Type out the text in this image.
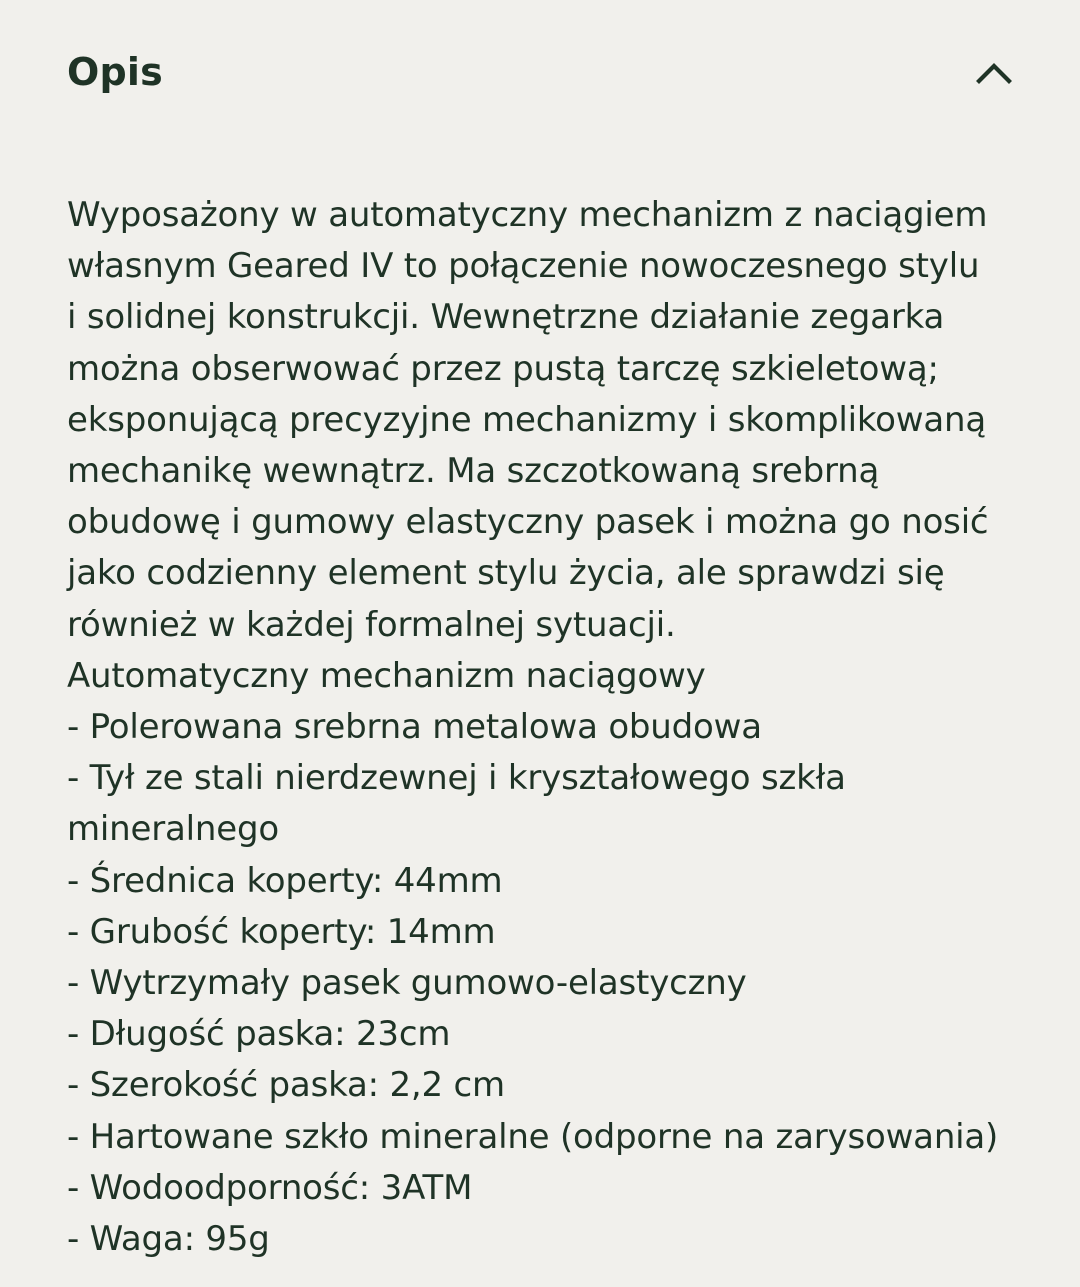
Opis
Wyposażony w automatyczny mechanizm z naciągiem
własnym Geared IV to połączenie nowoczesnego stylu
i solidnej konstrukcji. Wewnętrzne działanie zegarka
można obserwować przez pustą tarczę szkieletową;
eksponującą precyzyjne mechanizmy i skomplikowaną
mechanikę wewnątrz. Ma szczotkowaną srebrną
obudowę i gumowy elastyczny pasek i można go nosić
jako codzienny element stylu życia, ale sprawdzi się
również w każdej formalnej sytuacji.
Automatyczny mechanizm naciągowy
- Polerowana srebrna metalowa obudowa
- Tył ze stali nierdzewnej i kryształowego szkła
mineralnego
- Średnica koperty: 44mm
- Grubość koperty: 14mm
- Wytrzymały pasek gumowo-elastyczny
- Długość paska: 23cm
- Szerokość paska: 2,2 cm
- Hartowane szkło mineralne (odporne na zarysowania)
- Wodoodporność: 3ATM
- Waga: 95g
